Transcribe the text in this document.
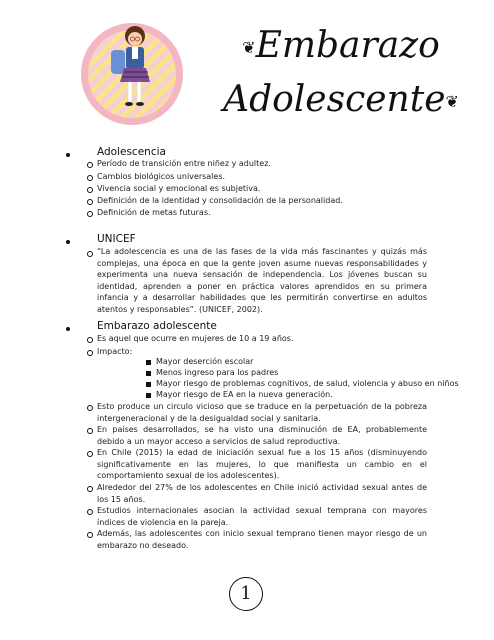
❦Embarazo
Adolescente❦
Adolescencia
Período de transición entre niñez y adultez.
Cambios biológicos universales.
Vivencia social y emocional es subjetiva.
Definición de la identidad y consolidación de la personalidad.
Definición de metas futuras.
UNICEF
“La adolescencia es una de las fases de la vida más fascinantes y quizás más complejas, una época en que la gente joven asume nuevas responsabilidades y experimenta una nueva sensación de independencia. Los jóvenes buscan su identidad, aprenden a poner en práctica valores aprendidos en su primera infancia y a desarrollar habilidades que les permitirán convertirse en adultos atentos y responsables”. (UNICEF, 2002).
Embarazo adolescente
Es aquel que ocurre en mujeres de 10 a 19 años.
Impacto:
Mayor deserción escolar
Menos ingreso para los padres
Mayor riesgo de problemas cognitivos, de salud, violencia y abuso en niños
Mayor riesgo de EA en la nueva generación.
Esto produce un circulo vicioso que se traduce en la perpetuación de la pobreza intergeneracional y de la desigualdad social y sanitaria.
En países desarrollados, se ha visto una disminución de EA, probablemente debido a un mayor acceso a servicios de salud reproductiva.
En Chile (2015) la edad de iniciación sexual fue a los 15 años (disminuyendo significativamente en las mujeres, lo que manifiesta un cambio en el comportamiento sexual de los adolescentes).
Alrededor del 27% de los adolescentes en Chile inició actividad sexual antes de los 15 años.
Estudios internacionales asocian la actividad sexual temprana con mayores índices de violencia en la pareja.
Además, las adolescentes con inicio sexual temprano tienen mayor riesgo de un embarazo no deseado.
1
